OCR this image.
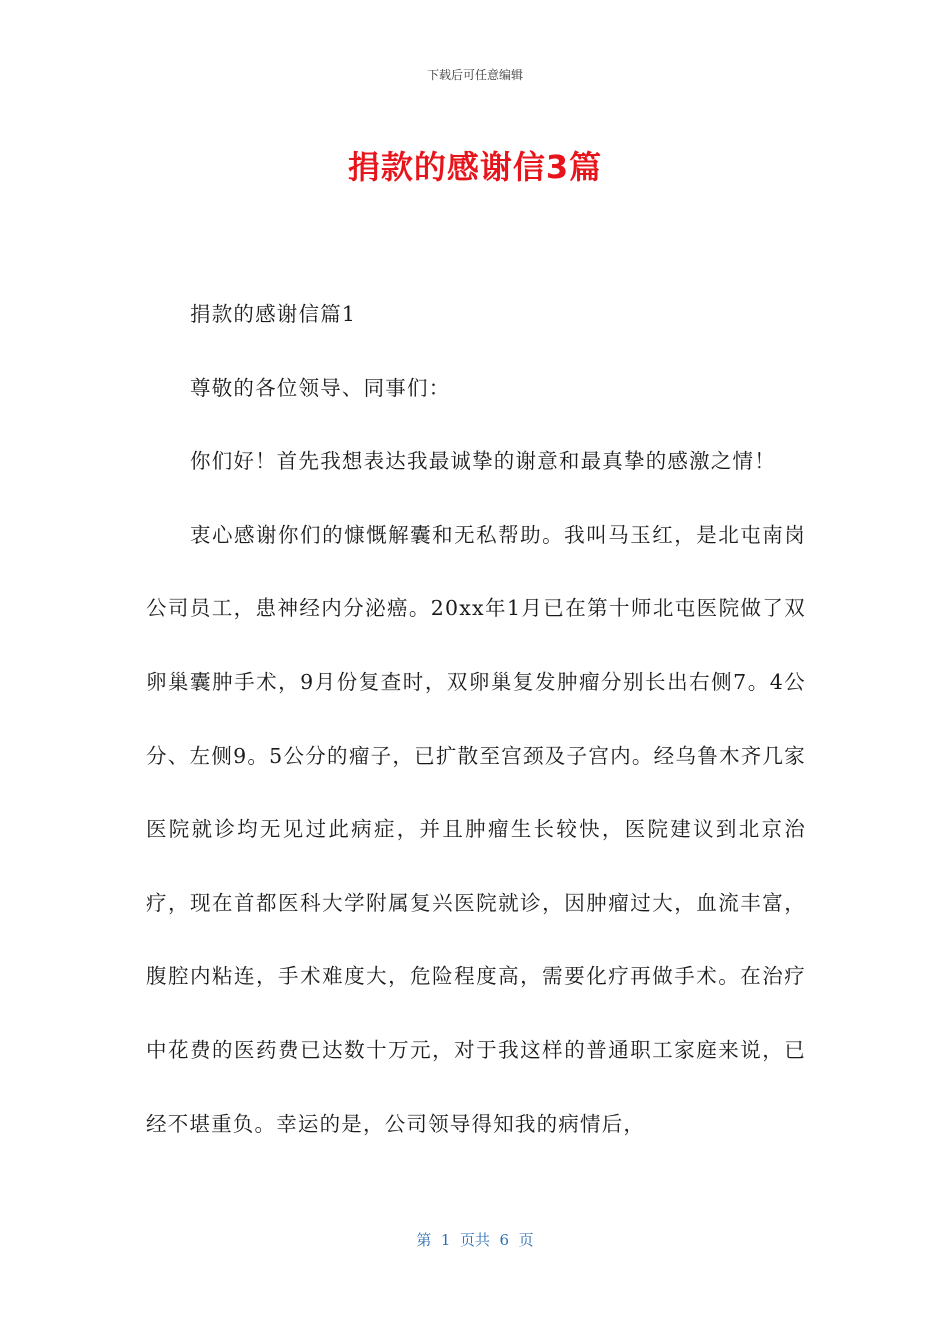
下载后可任意编辑
捐款的感谢信3篇

捐款的感谢信篇1

尊敬的各位领导、同事们：

你们好！首先我想表达我最诚挚的谢意和最真挚的感激之情！

衷心感谢你们的慷慨解囊和无私帮助。我叫马玉红，是北屯南岗公司员工，患神经内分泌癌。20xx年1月已在第十师北屯医院做了双卵巢囊肿手术，9月份复查时，双卵巢复发肿瘤分别长出右侧7。4公分、左侧9。5公分的瘤子，已扩散至宫颈及子宫内。经乌鲁木齐几家医院就诊均无见过此病症，并且肿瘤生长较快，医院建议到北京治疗，现在首都医科大学附属复兴医院就诊，因肿瘤过大，血流丰富，腹腔内粘连，手术难度大，危险程度高，需要化疗再做手术。在治疗中花费的医药费已达数十万元，对于我这样的普通职工家庭来说，已经不堪重负。幸运的是，公司领导得知我的病情后，

第  1  页共  6  页
